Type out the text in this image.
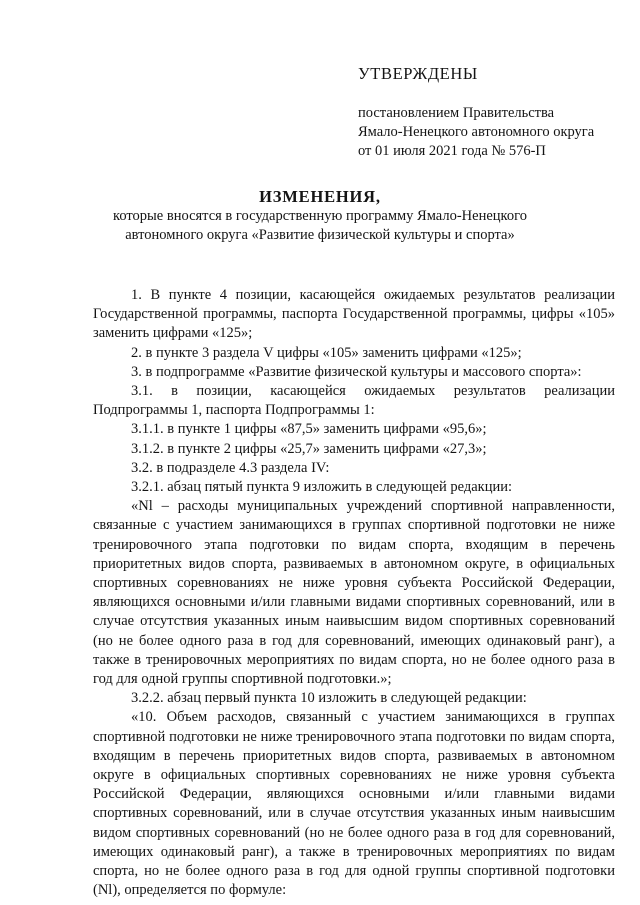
УТВЕРЖДЕНЫ
постановлением Правительства
Ямало-Ненецкого автономного округа
от 01 июля 2021 года № 576-П
ИЗМЕНЕНИЯ,
которые вносятся в государственную программу Ямало-Ненецкого
автономного округа «Развитие физической культуры и спорта»

1. В пункте 4 позиции, касающейся ожидаемых результатов реализации Государственной программы, паспорта Государственной программы, цифры «105» заменить цифрами «125»;

2. в пункте 3 раздела V цифры «105» заменить цифрами «125»;

3. в подпрограмме «Развитие физической культуры и массового спорта»:

3.1. в позиции, касающейся ожидаемых результатов реализации Подпрограммы 1, паспорта Подпрограммы 1:

3.1.1. в пункте 1 цифры «87,5» заменить цифрами «95,6»;

3.1.2. в пункте 2 цифры «25,7» заменить цифрами «27,3»;

3.2. в подразделе 4.3 раздела IV:

3.2.1. абзац пятый пункта 9 изложить в следующей редакции:

«Nl – расходы муниципальных учреждений спортивной направленности, связанные с участием занимающихся в группах спортивной подготовки не ниже тренировочного этапа подготовки по видам спорта, входящим в перечень приоритетных видов спорта, развиваемых в автономном округе, в официальных спортивных соревнованиях не ниже уровня субъекта Российской Федерации, являющихся основными и/или главными видами спортивных соревнований, или в случае отсутствия указанных иным наивысшим видом спортивных соревнований (но не более одного раза в год для соревнований, имеющих одинаковый ранг), а также в тренировочных мероприятиях по видам спорта, но не более одного раза в год для одной группы спортивной подготовки.»;

3.2.2. абзац первый пункта 10 изложить в следующей редакции:

«10. Объем расходов, связанный с участием занимающихся в группах спортивной подготовки не ниже тренировочного этапа подготовки по видам спорта, входящим в перечень приоритетных видов спорта, развиваемых в автономном округе в официальных спортивных соревнованиях не ниже уровня субъекта Российской Федерации, являющихся основными и/или главными видами спортивных соревнований, или в случае отсутствия указанных иным наивысшим видом спортивных соревнований (но не более одного раза в год для соревнований, имеющих одинаковый ранг), а также в тренировочных мероприятиях по видам спорта, но не более одного раза в год для одной группы спортивной подготовки (Nl), определяется по формуле:
